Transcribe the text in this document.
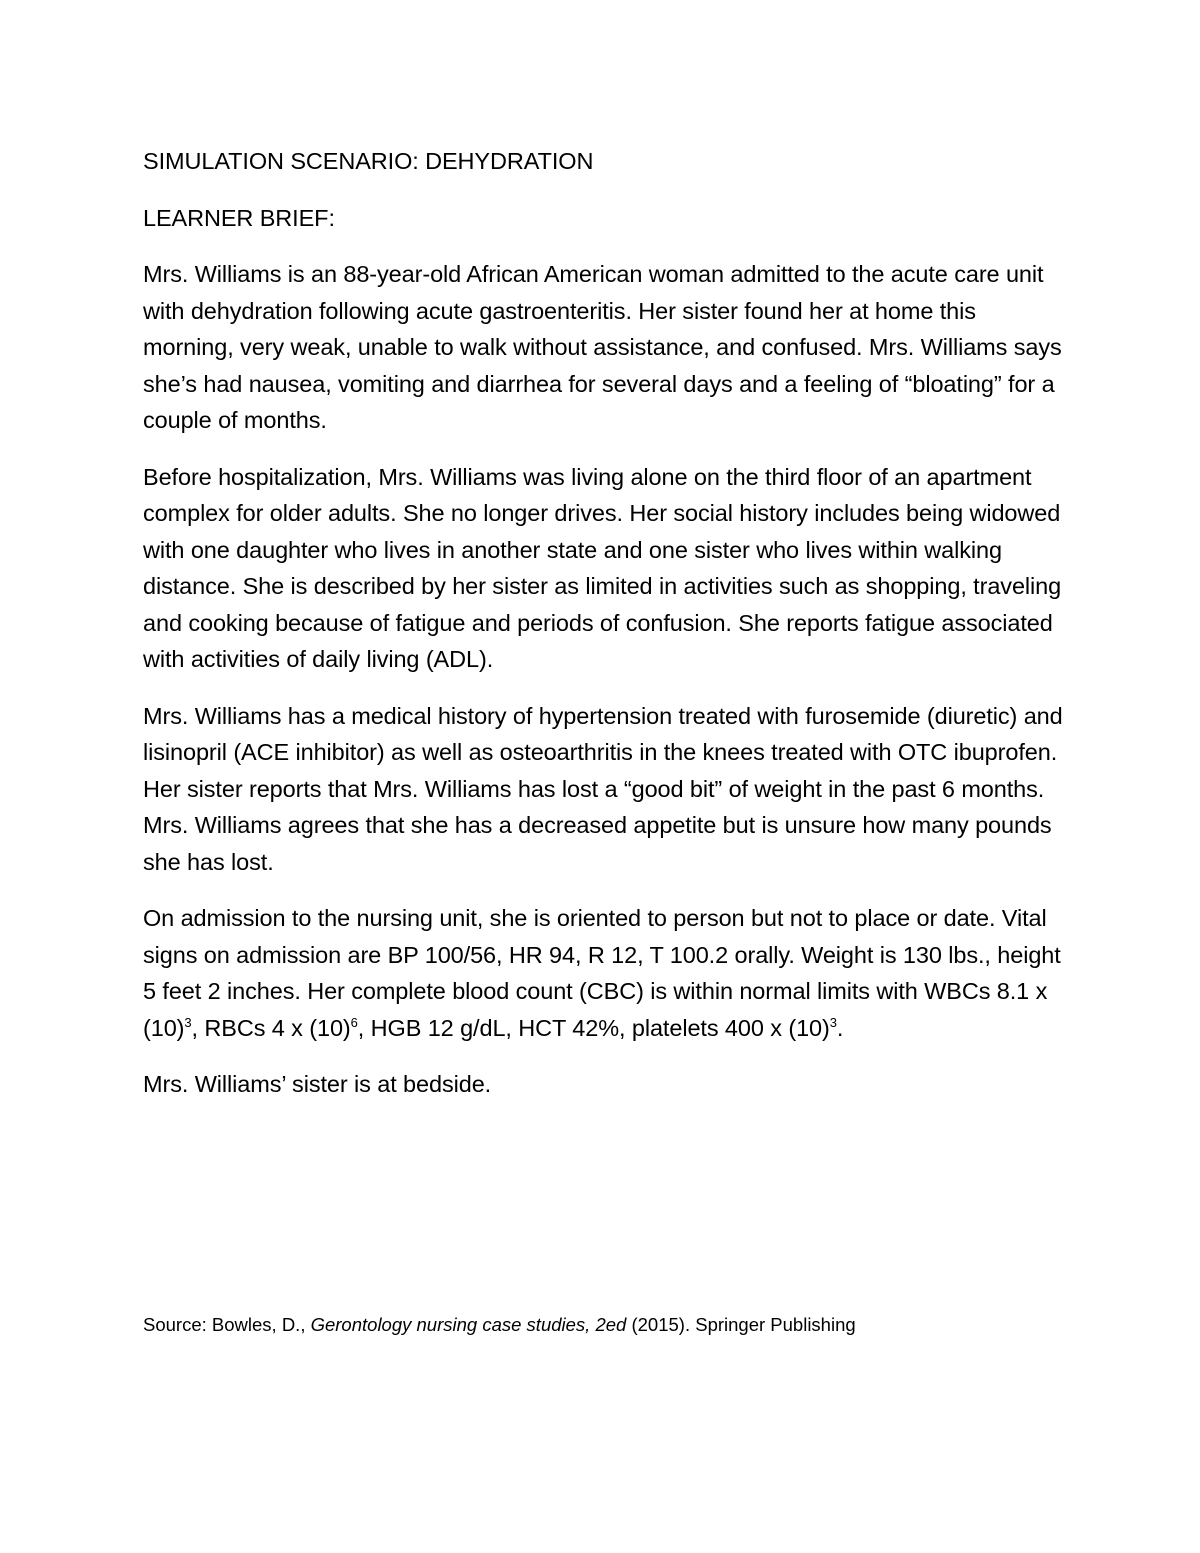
SIMULATION SCENARIO: DEHYDRATION
LEARNER BRIEF:

Mrs. Williams is an 88-year-old African American woman admitted to the acute care unit with dehydration following acute gastroenteritis. Her sister found her at home this morning, very weak, unable to walk without assistance, and confused. Mrs. Williams says she’s had nausea, vomiting and diarrhea for several days and a feeling of “bloating” for a couple of months.

Before hospitalization, Mrs. Williams was living alone on the third floor of an apartment complex for older adults. She no longer drives. Her social history includes being widowed with one daughter who lives in another state and one sister who lives within walking distance. She is described by her sister as limited in activities such as shopping, traveling and cooking because of fatigue and periods of confusion. She reports fatigue associated with activities of daily living (ADL).

Mrs. Williams has a medical history of hypertension treated with furosemide (diuretic) and lisinopril (ACE inhibitor) as well as osteoarthritis in the knees treated with OTC ibuprofen. Her sister reports that Mrs. Williams has lost a “good bit” of weight in the past 6 months. Mrs. Williams agrees that she has a decreased appetite but is unsure how many pounds she has lost.

On admission to the nursing unit, she is oriented to person but not to place or date. Vital signs on admission are BP 100/56, HR 94, R 12, T 100.2 orally. Weight is 130 lbs., height 5 feet 2 inches. Her complete blood count (CBC) is within normal limits with WBCs 8.1 x $(10)^3$, RBCs 4 x $(10)^6$, HGB 12 g/dL, HCT 42%, platelets 400 x $(10)^3$.

Mrs. Williams’ sister is at bedside.

Source: Bowles, D., Gerontology nursing case studies, 2ed (2015). Springer Publishing
